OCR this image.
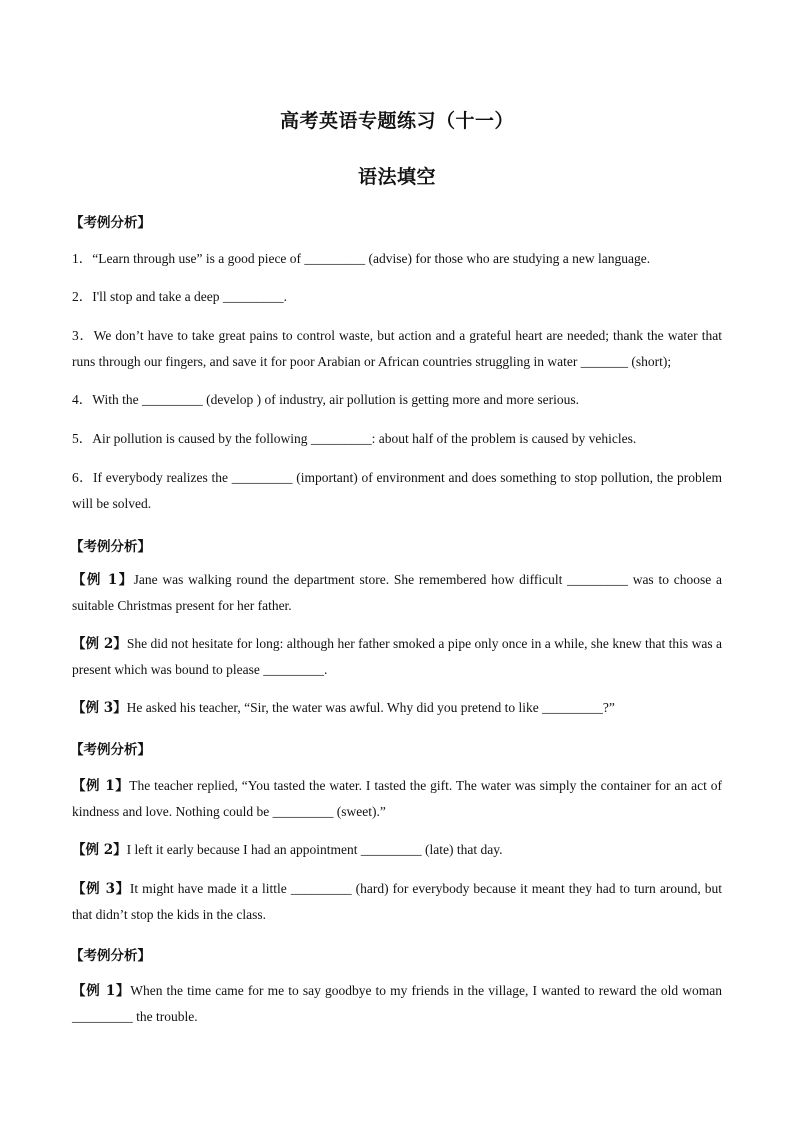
高考英语专题练习（十一）
语法填空
【考例分析】
1．“Learn through use” is a good piece of _________ (advise) for those who are studying a new language.
2．I'll stop and take a deep _________.
3．We don’t have to take great pains to control waste, but action and a grateful heart are needed; thank the water that runs through our fingers, and save it for poor Arabian or African countries struggling in water _______ (short);
4．With the _________ (develop ) of industry, air pollution is getting more and more serious.
5．Air pollution is caused by the following _________: about half of the problem is caused by vehicles.
6．If everybody realizes the _________ (important) of environment and does something to stop pollution, the problem will be solved.
【考例分析】
【例 1】Jane was walking round the department store. She remembered how difficult _________ was to choose a suitable Christmas present for her father.
【例 2】She did not hesitate for long: although her father smoked a pipe only once in a while, she knew that this was a present which was bound to please _________.
【例 3】He asked his teacher, “Sir, the water was awful. Why did you pretend to like _________?”
【考例分析】
【例 1】The teacher replied, “You tasted the water. I tasted the gift. The water was simply the container for an act of kindness and love. Nothing could be _________ (sweet).”
【例 2】I left it early because I had an appointment _________ (late) that day.
【例 3】It might have made it a little _________ (hard) for everybody because it meant they had to turn around, but that didn’t stop the kids in the class.
【考例分析】
【例 1】When the time came for me to say goodbye to my friends in the village, I wanted to reward the old woman _________ the trouble.
